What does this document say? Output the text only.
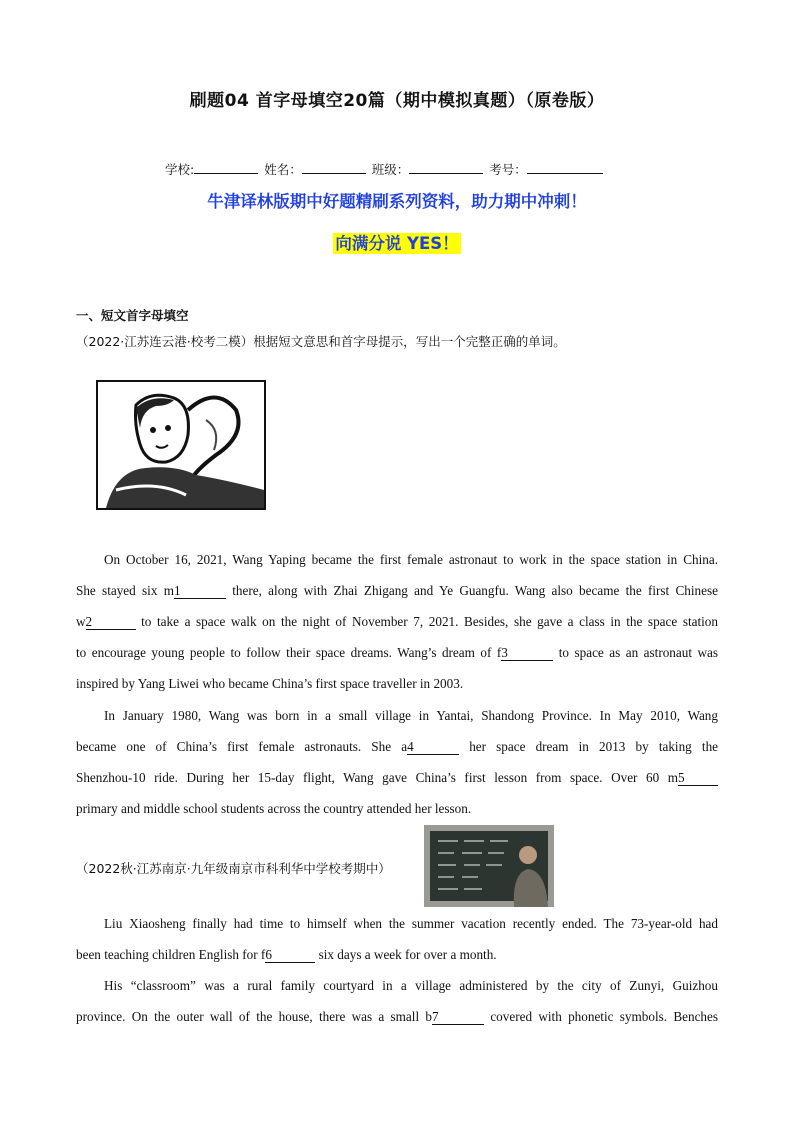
刷题04 首字母填空20篇（期中模拟真题）（原卷版）
学校:	姓名：	班级：	考号：
牛津译林版期中好题精刷系列资料，助力期中冲刺！
向满分说 YES！
一、短文首字母填空
（2022·江苏连云港·校考二模）根据短文意思和首字母提示，写出一个完整正确的单词。
On October 16, 2021, Wang Yaping became the first female astronaut to work in the space station in China.
She stayed six m1	there, along with Zhai Zhigang and Ye Guangfu. Wang also became the first Chinese
w2	to take a space walk on the night of November 7, 2021. Besides, she gave a class in the space station
to encourage young people to follow their space dreams. Wang’s dream of f3	to space as an astronaut was
inspired by Yang Liwei who became China’s first space traveller in 2003.
In January 1980, Wang was born in a small village in Yantai, Shandong Province. In May 2010, Wang
became one of China’s first female astronauts. She a4	her space dream in 2013 by taking the
Shenzhou-10 ride. During her 15-day flight, Wang gave China’s first lesson from space. Over 60 m5
primary and middle school students across the country attended her lesson.
（2022秋·江苏南京·九年级南京市科利华中学校考期中）
Liu Xiaosheng finally had time to himself when the summer vacation recently ended. The 73-year-old had
been teaching children English for f6	six days a week for over a month.
His “classroom” was a rural family courtyard in a village administered by the city of Zunyi, Guizhou
province. On the outer wall of the house, there was a small b7	covered with phonetic symbols. Benches
